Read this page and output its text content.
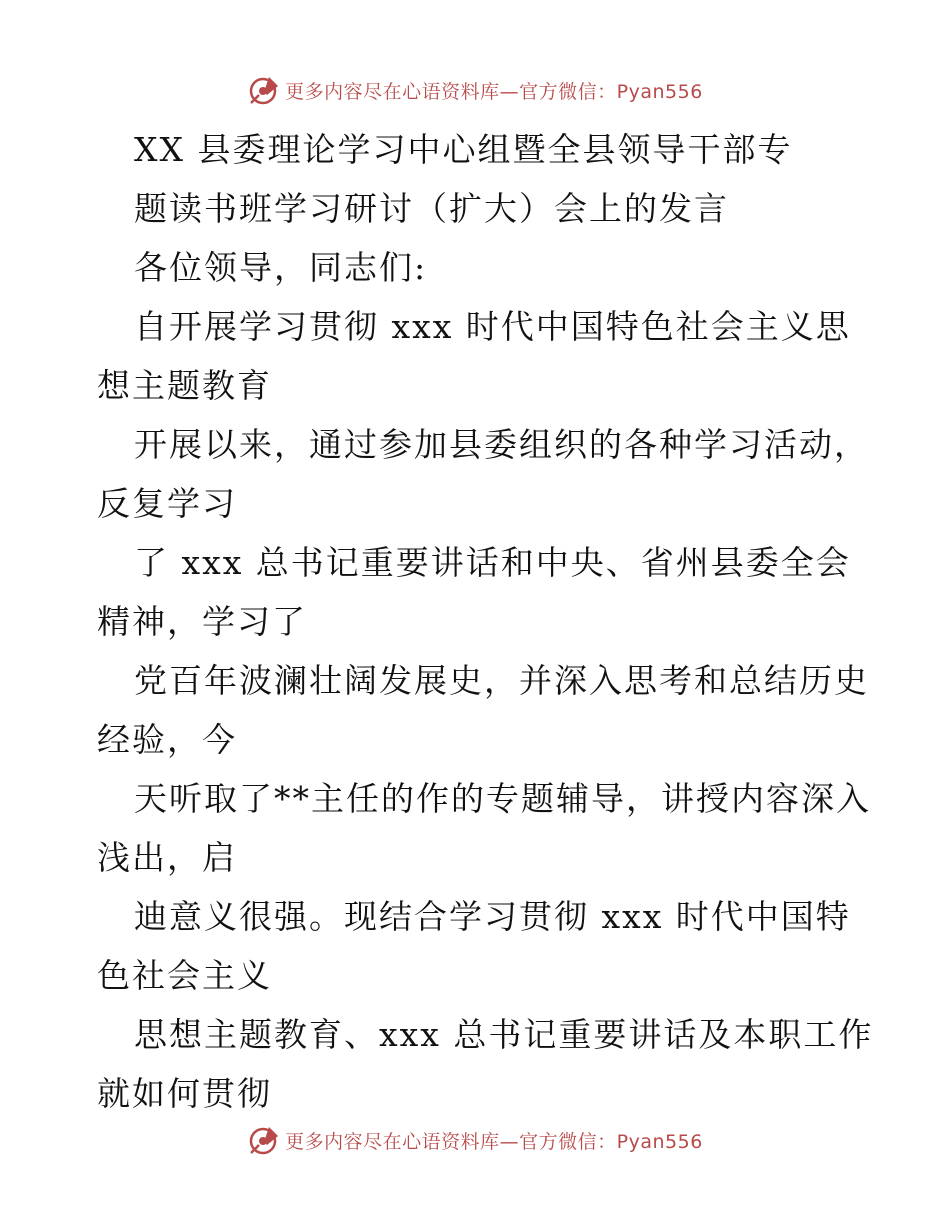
更多内容尽在心语资料库—官方微信：Pyan556
XX 县委理论学习中心组暨全县领导干部专
题读书班学习研讨（扩大）会上的发言
各位领导，同志们:
自开展学习贯彻 xxx 时代中国特色社会主义思
想主题教育
开展以来，通过参加县委组织的各种学习活动，
反复学习
了 xxx 总书记重要讲话和中央、省州县委全会
精神，学习了
党百年波澜壮阔发展史，并深入思考和总结历史
经验，今
天听取了**主任的作的专题辅导，讲授内容深入
浅出，启
迪意义很强。现结合学习贯彻 xxx 时代中国特
色社会主义
思想主题教育、xxx 总书记重要讲话及本职工作
就如何贯彻
更多内容尽在心语资料库—官方微信：Pyan556
